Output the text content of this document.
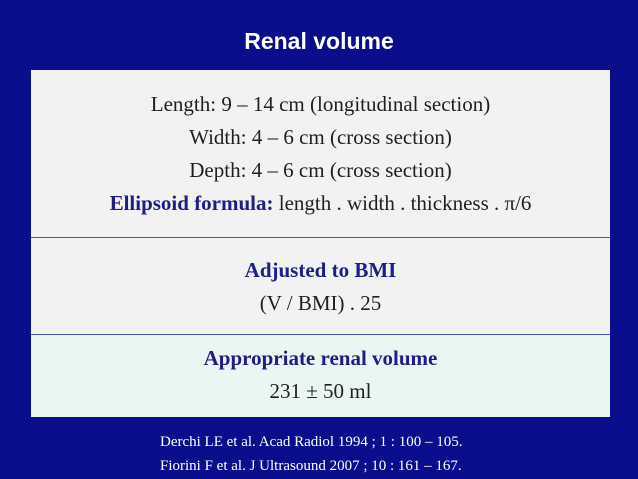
Renal volume
Length: 9 – 14 cm (longitudinal section)
Width: 4 – 6 cm (cross section)
Depth: 4 – 6 cm (cross section)
Ellipsoid formula: length . width . thickness . π/6
Adjusted to BMI
(V / BMI) . 25
Appropriate renal volume
231 ± 50 ml
Derchi LE et al. Acad Radiol 1994 ; 1 : 100 – 105.
Fiorini F et al. J Ultrasound 2007 ; 10 : 161 – 167.
